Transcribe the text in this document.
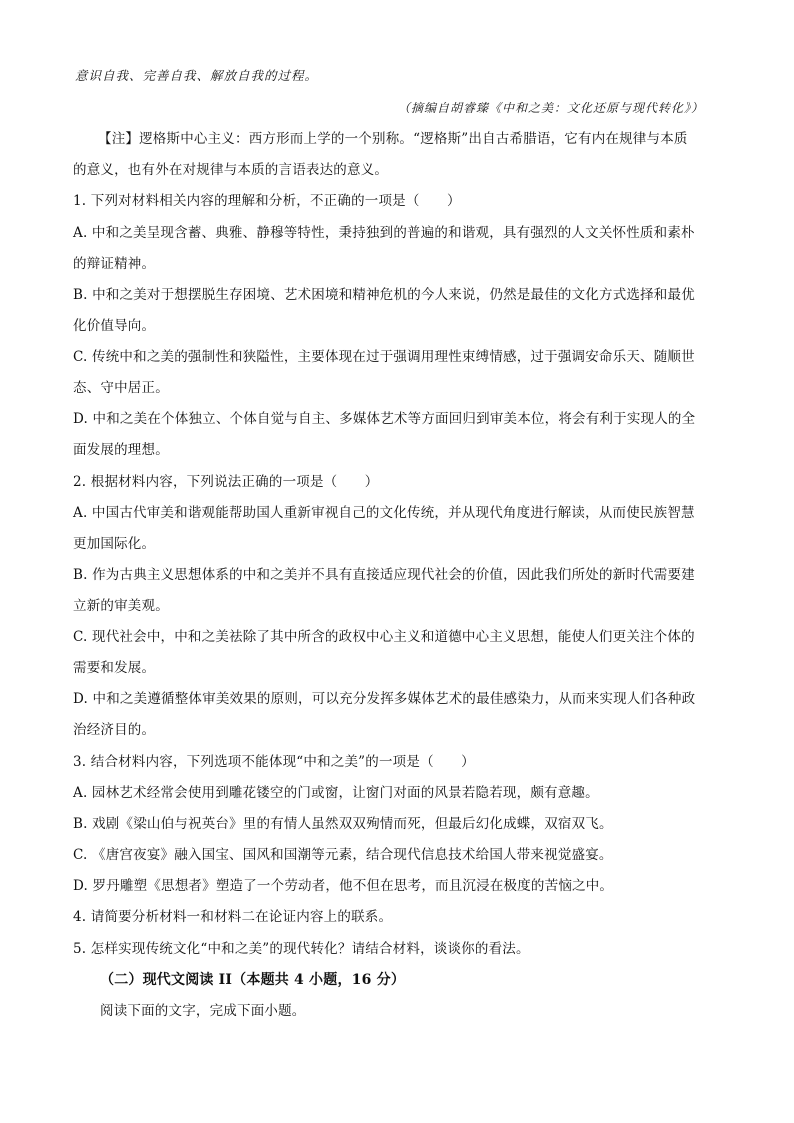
意识自我、完善自我、解放自我的过程。
（摘编自胡睿臻《中和之美：文化还原与现代转化》）
【注】逻格斯中心主义：西方形而上学的一个别称。“逻格斯”出自古希腊语，它有内在规律与本质
的意义，也有外在对规律与本质的言语表达的意义。
1. 下列对材料相关内容的理解和分析，不正确的一项是（　　）
A. 中和之美呈现含蓄、典雅、静穆等特性，秉持独到的普遍的和谐观，具有强烈的人文关怀性质和素朴
的辩证精神。
B. 中和之美对于想摆脱生存困境、艺术困境和精神危机的今人来说，仍然是最佳的文化方式选择和最优
化价值导向。
C. 传统中和之美的强制性和狭隘性，主要体现在过于强调用理性束缚情感，过于强调安命乐天、随顺世
态、守中居正。
D. 中和之美在个体独立、个体自觉与自主、多媒体艺术等方面回归到审美本位，将会有利于实现人的全
面发展的理想。
2. 根据材料内容，下列说法正确的一项是（　　）
A. 中国古代审美和谐观能帮助国人重新审视自己的文化传统，并从现代角度进行解读，从而使民族智慧
更加国际化。
B. 作为古典主义思想体系的中和之美并不具有直接适应现代社会的价值，因此我们所处的新时代需要建
立新的审美观。
C. 现代社会中，中和之美祛除了其中所含的政权中心主义和道德中心主义思想，能使人们更关注个体的
需要和发展。
D. 中和之美遵循整体审美效果的原则，可以充分发挥多媒体艺术的最佳感染力，从而来实现人们各种政
治经济目的。
3. 结合材料内容，下列选项不能体现“中和之美”的一项是（　　）
A. 园林艺术经常会使用到雕花镂空的门或窗，让窗门对面的风景若隐若现，颇有意趣。
B. 戏剧《梁山伯与祝英台》里的有情人虽然双双殉情而死，但最后幻化成蝶，双宿双飞。
C. 《唐宫夜宴》融入国宝、国风和国潮等元素，结合现代信息技术给国人带来视觉盛宴。
D. 罗丹雕塑《思想者》塑造了一个劳动者，他不但在思考，而且沉浸在极度的苦恼之中。
4. 请简要分析材料一和材料二在论证内容上的联系。
5. 怎样实现传统文化“中和之美”的现代转化？请结合材料，谈谈你的看法。
（二）现代文阅读 II（本题共 4 小题，16 分）
阅读下面的文字，完成下面小题。
